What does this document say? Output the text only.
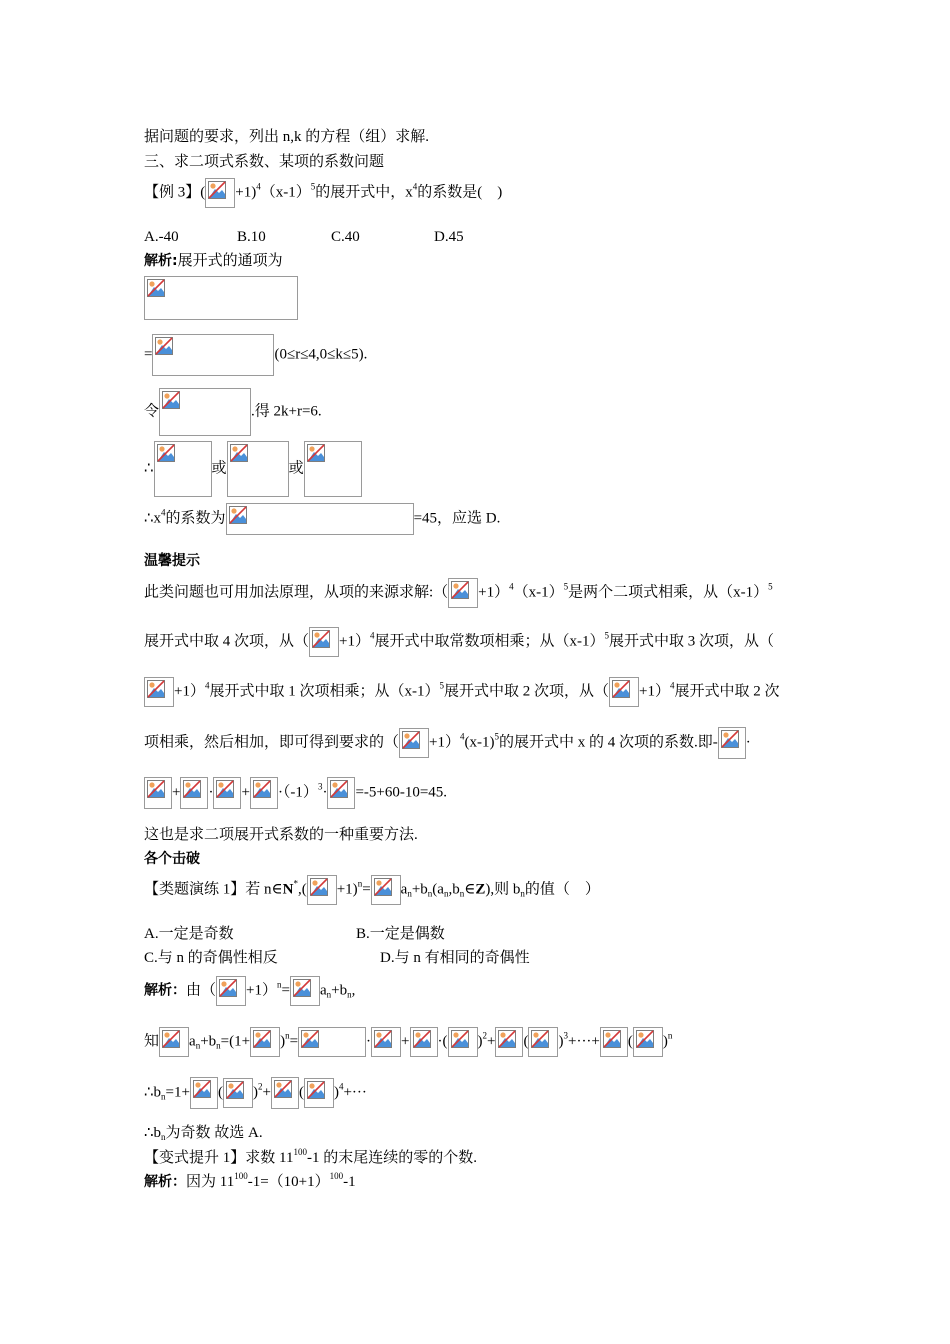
据问题的要求，列出 n,k 的方程（组）求解.
三、求二项式系数、某项的系数问题
【例 3】( $+1)^4(x-1)^5$的展开式中，$x^4$的系数是(　)
A.-40	B.10	C.40	D.45
解析:展开式的通项为
=	(0≤r≤4,0≤k≤5).
令	.得 2k+r=6.
∴	或	或
$\therefore x^4$的系数为	=45，应选 D.
温馨提示
此类问题也可用加法原理，从项的来源求解:（ $+1)^4(x-1)^5$是两个二项式相乘，从$(x-1)^5$
展开式中取 4 次项，从（ +1）$^4$展开式中取常数项相乘；从$(x-1)^5$展开式中取 3 次项，从（
+1）$^4$展开式中取 1 次项相乘；从$(x-1)^5$展开式中取 2 次项，从（ +1）$^4$展开式中取 2 次
项相乘，然后相加，即可得到要求的（ $+1)^4(x-1)^5$的展开式中 x 的 4 次项的系数.即- ·
+ · + $\cdot(-1)^3\cdot =-5+60-10=45$.
这也是求二项展开式系数的一种重要方法.
各个击破
【类题演练 1】若 n∈N*,( $+1)^n= a_n+b_n(a_n,b_n\in Z)$,则 $b_n$的值（　）
A.一定是奇数	B.一定是偶数
C.与 n 的奇偶性相反	D.与 n 有相同的奇偶性
解析：由（ $+1)^n= a_n+b_n$,
知 $a_n+b_n=(1+ )^n=$	· + ·( )$^2$+ ( )$^3$+···+ ( )$^n$
$\therefore b_n=1+$ ( )$^2$+ ( )$^4$+···
$\therefore b_n$为奇数 故选 A.
【变式提升 1】求数 $11^{100}-1$ 的末尾连续的零的个数.
解析：因为 $11^{100}-1=(10+1)^{100}-1$
